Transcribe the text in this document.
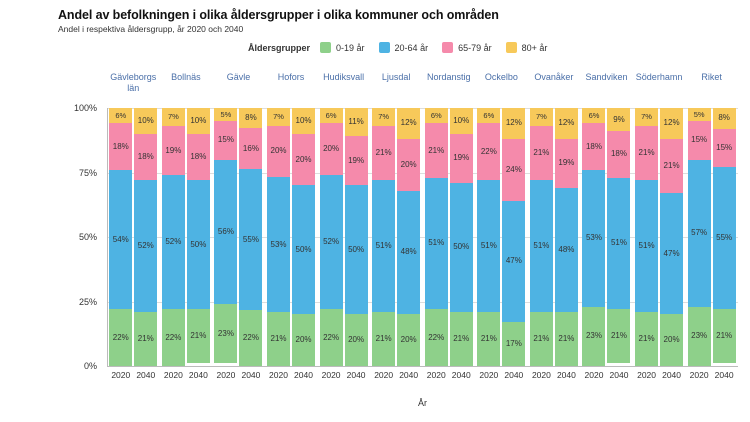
Andel av befolkningen i olika åldersgrupper i olika kommuner och områden
Andel i respektiva åldersgrupp, år 2020 och 2040
Åldersgrupper	0-19 år	20-64 år	65-79 år	80+ år
Gävleborgs län
Bollnäs	Gävle	Hofors	Hudiksvall	Ljusdal	Nordanstig	Ockelbo	Ovanåker	Sandviken Söderhamn	Riket
0%
25%
50%
75%
100%
6%
18%
54%
22%
10%
18%
52%
21%
7%
19%
52%
22%
10%
18%
50%
21%
5%
15%
56%
23%
8%
16%
55%
22%
7%
20%
53%
21%
10%
20%
50%
20%
6%
20%
52%
22%
11%
19%
50%
20%
7%
21%
51%
21%
12%
20%
48%
20%
6%
21%
51%
22%
10%
19%
50%
21%
6%
22%
51%
21%
12%
24%
47%
17%
7%
21%
51%
21%
12%
19%
48%
21%
6%
18%
53%
23%
9%
18%
51%
21%
7%
21%
51%
21%
12%
21%
47%
20%
5%
15%
57%
23%
8%
15%
55%
21%
2020 2040 2020 2040 2020 2040 2020 2040 2020 2040 2020 2040 2020 2040 2020 2040 2020 2040 2020 2040 2020 2040 2020 2040
År
